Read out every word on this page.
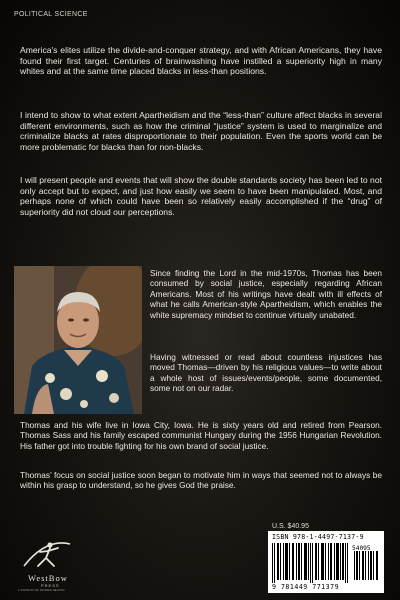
POLITICAL SCIENCE

America's elites utilize the divide-and-conquer strategy, and with African Americans, they have found their first target. Centuries of brainwashing have instilled a superiority high in many whites and at the same time placed blacks in less-than positions.

I intend to show to what extent Apartheidism and the “less-than” culture affect blacks in several different environments, such as how the criminal “justice” system is used to marginalize and criminalize blacks at rates disproportionate to their population. Even the sports world can be more problematic for blacks than for non-blacks.

I will present people and events that will show the double standards society has been led to not only accept but to expect, and just how easily we seem to have been manipulated. Most, and perhaps none of which could have been so relatively easily accomplished if the “drug” of superiority did not cloud our perceptions.

Since finding the Lord in the mid-1970s, Thomas has been consumed by social justice, especially regarding African Americans. Most of his writings have dealt with ill effects of what he calls American-style Apartheidism, which enables the white supremacy mindset to continue virtually unabated.

Having witnessed or read about countless injustices has moved Thomas—driven by his religious values—to write about a whole host of issues/events/people, some documented, some not on our radar.

Thomas and his wife live in Iowa City, Iowa. He is sixty years old and retired from Pearson. Thomas Sass and his family escaped communist Hungary during the 1956 Hungarian Revolution. His father got into trouble fighting for his own brand of social justice.

Thomas’ focus on social justice soon began to motivate him in ways that seemed not to always be within his grasp to understand, so he gives God the praise.

WestBow
PRESS
A DIVISION OF THOMAS NELSON
U.S. $40.95
ISBN 978-1-4497-7137-9
54095
9 781449 771379
